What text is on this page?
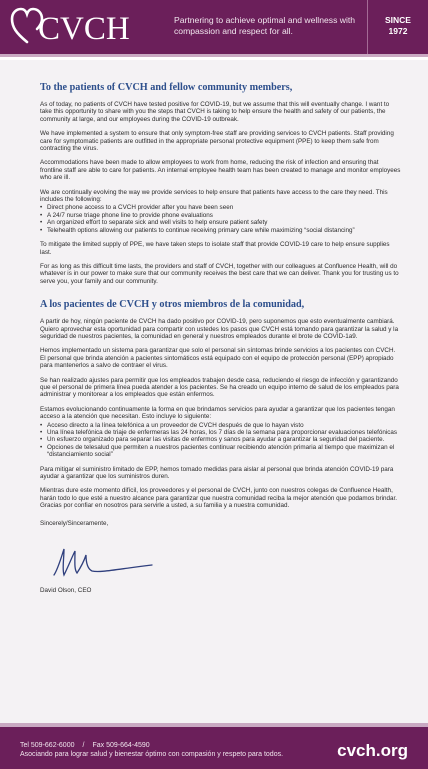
CVCH	Partnering to achieve optimal and wellness with compassion and respect for all.
SINCE
1972
To the patients of CVCH and fellow community members,

As of today, no patients of CVCH have tested positive for COVID-19, but we assume that this will eventually change. I want to take this opportunity to share with you the steps that CVCH is taking to help ensure the health and safety of our patients, the community at large, and our employees during the COVID-19 outbreak.

We have implemented a system to ensure that only symptom-free staff are providing services to CVCH patients. Staff providing care for symptomatic patients are outfitted in the appropriate personal protective equipment (PPE) to keep them safe from contracting the virus.

Accommodations have been made to allow employees to work from home, reducing the risk of infection and ensuring that frontline staff are able to care for patients. An internal employee health team has been created to manage and monitor employees who are ill.

We are continually evolving the way we provide services to help ensure that patients have access to the care they need. This includes the following:

• Direct phone access to a CVCH provider after you have been seen
• A 24/7 nurse triage phone line to provide phone evaluations
• An organized effort to separate sick and well visits to help ensure patient safety
• Telehealth options allowing our patients to continue receiving primary care while maximizing “social distancing”

To mitigate the limited supply of PPE, we have taken steps to isolate staff that provide COVID-19 care to help ensure supplies last.

For as long as this difficult time lasts, the providers and staff of CVCH, together with our colleagues at Confluence Health, will do whatever is in our power to make sure that our community receives the best care that we can deliver. Thank you for trusting us to serve you, your family and our community.

A los pacientes de CVCH y otros miembros de la comunidad,

A partir de hoy, ningún paciente de CVCH ha dado positivo por COVID-19, pero suponemos que esto eventualmente cambiará. Quiero aprovechar esta oportunidad para compartir con ustedes los pasos que CVCH está tomando para garantizar la salud y la seguridad de nuestros pacientes, la comunidad en general y nuestros empleados durante el brote de COVID-1a9.

Hemos implementado un sistema para garantizar que solo el personal sin síntomas brinde servicios a los pacientes con CVCH. El personal que brinda atención a pacientes sintomáticos está equipado con el equipo de protección personal (EPP) apropiado para mantenerlos a salvo de contraer el virus.

Se han realizado ajustes para permitir que los empleados trabajen desde casa, reduciendo el riesgo de infección y garantizando que el personal de primera línea pueda atender a los pacientes. Se ha creado un equipo interno de salud de los empleados para administrar y monitorear a los empleados que están enfermos.

Estamos evolucionando continuamente la forma en que brindamos servicios para ayudar a garantizar que los pacientes tengan acceso a la atención que necesitan. Esto incluye lo siguiente:

• Acceso directo a la línea telefónica a un proveedor de CVCH después de que lo hayan visto
• Una línea telefónica de triaje de enfermeras las 24 horas, los 7 días de la semana para proporcionar evaluaciones telefónicas
• Un esfuerzo organizado para separar las visitas de enfermos y sanos para ayudar a garantizar la seguridad del paciente.
• Opciones de telesalud que permiten a nuestros pacientes continuar recibiendo atención primaria al tiempo que maximizan el “distanciamiento social”

Para mitigar el suministro limitado de EPP, hemos tomado medidas para aislar al personal que brinda atención COVID-19 para ayudar a garantizar que los suministros duren.

Mientras dure este momento difícil, los proveedores y el personal de CVCH, junto con nuestros colegas de Confluence Health, harán todo lo que esté a nuestro alcance para garantizar que nuestra comunidad reciba la mejor atención que podamos brindar. Gracias por confiar en nosotros para servirle a usted, a su familia y a nuestra comunidad.

Sincerely/Sinceramente,
David Olson, CEO
Tel 509-662-6000 / Fax 509-664-4590
Asociando para lograr salud y bienestar óptimo con compasión y respeto para todos.	cvch.org
